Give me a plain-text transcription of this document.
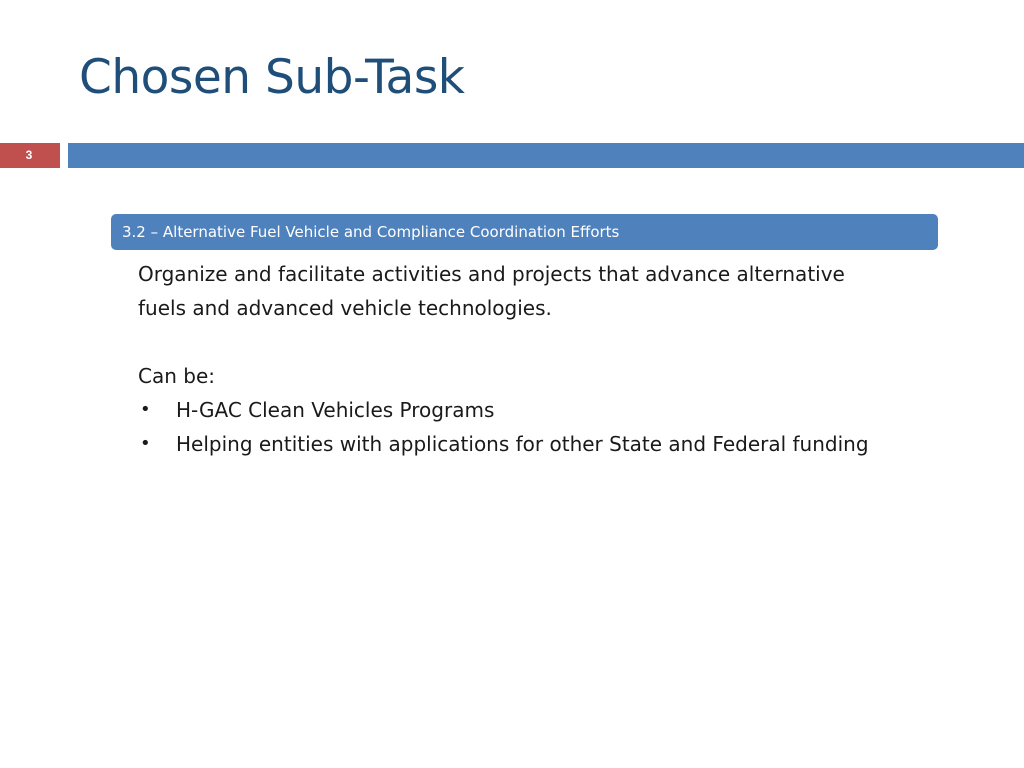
Chosen Sub-Task
3
3.2 – Alternative Fuel Vehicle and Compliance Coordination Efforts

Organize and facilitate activities and projects that advance alternative fuels and advanced vehicle technologies.

Can be:

• H-GAC Clean Vehicles Programs
• Helping entities with applications for other State and Federal funding
